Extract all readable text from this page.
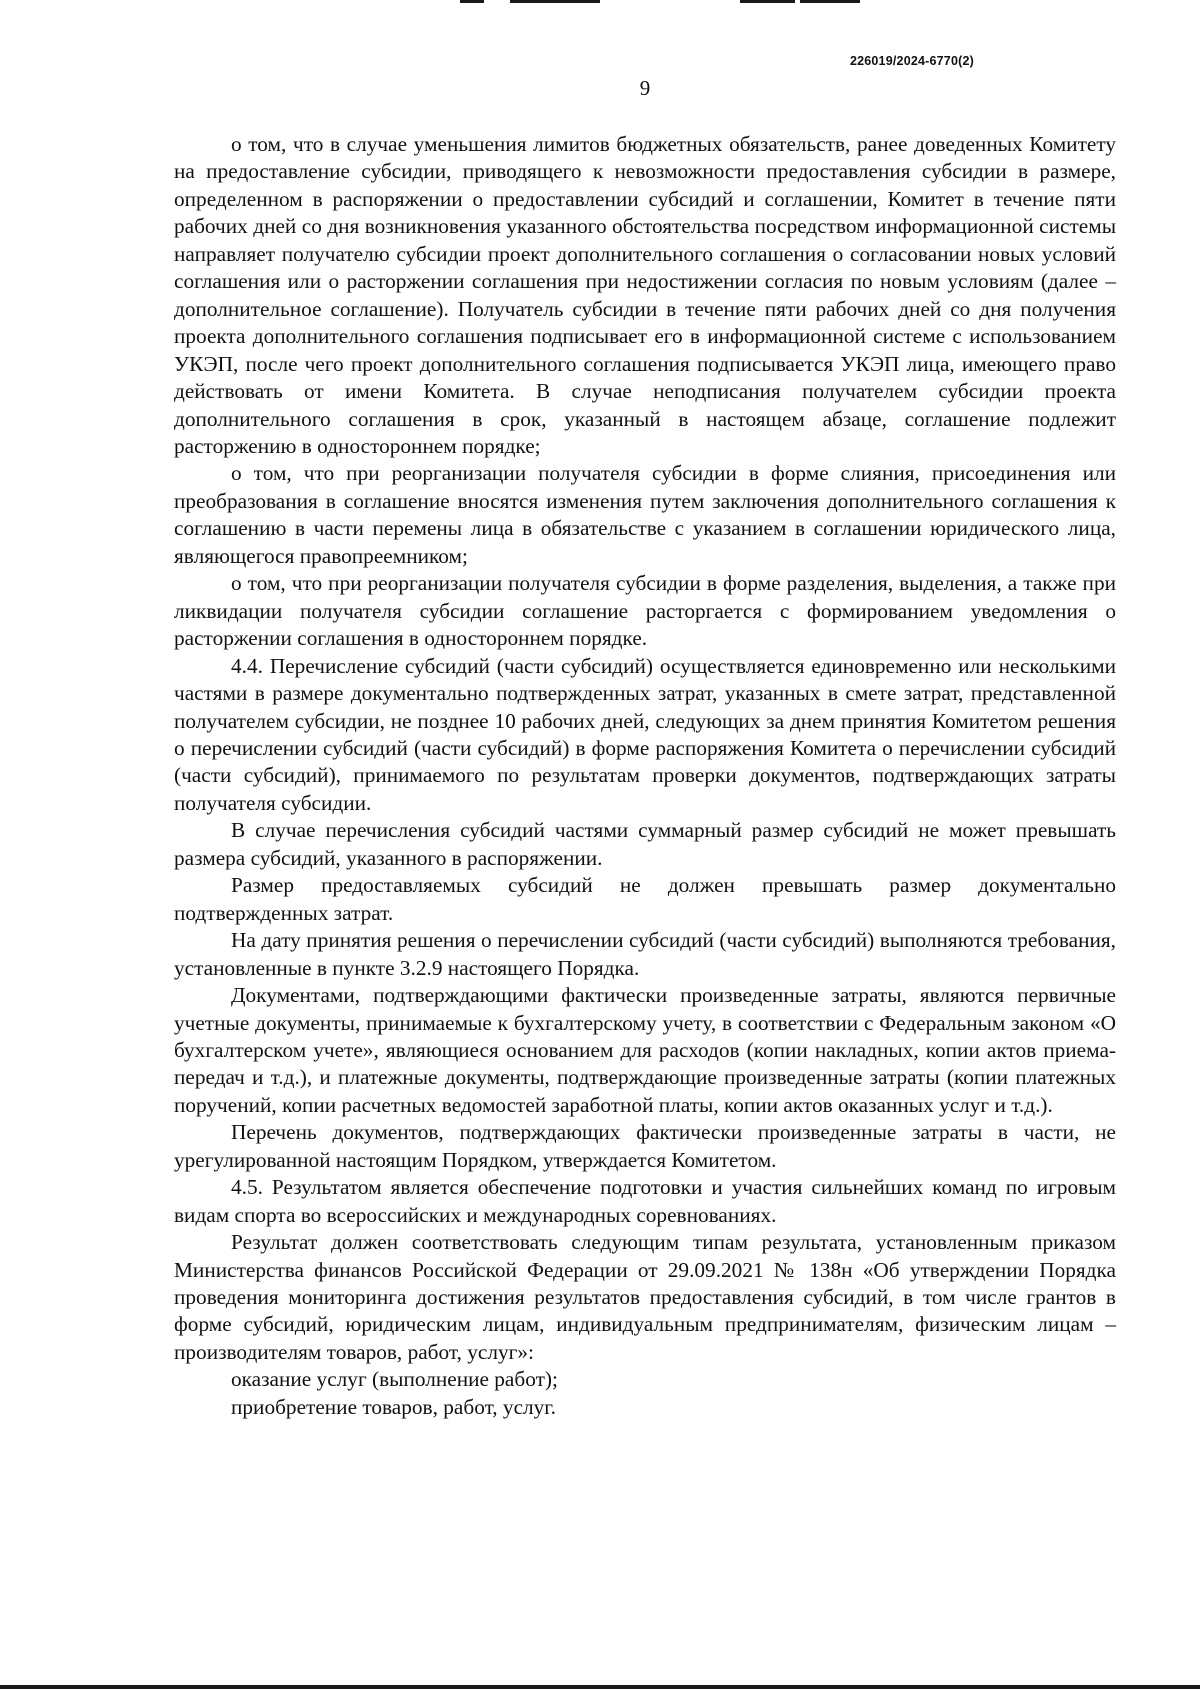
226019/2024-6770(2)
9

о том, что в случае уменьшения лимитов бюджетных обязательств, ранее доведенных Комитету на предоставление субсидии, приводящего к невозможности предоставления субсидии в размере, определенном в распоряжении о предоставлении субсидий и соглашении, Комитет в течение пяти рабочих дней со дня возникновения указанного обстоятельства посредством информационной системы направляет получателю субсидии проект дополнительного соглашения о согласовании новых условий соглашения или о расторжении соглашения при недостижении согласия по новым условиям (далее – дополнительное соглашение). Получатель субсидии в течение пяти рабочих дней со дня получения проекта дополнительного соглашения подписывает его в информационной системе с использованием УКЭП, после чего проект дополнительного соглашения подписывается УКЭП лица, имеющего право действовать от имени Комитета. В случае неподписания получателем субсидии проекта дополнительного соглашения в срок, указанный в настоящем абзаце, соглашение подлежит расторжению в одностороннем порядке;

о том, что при реорганизации получателя субсидии в форме слияния, присоединения или преобразования в соглашение вносятся изменения путем заключения дополнительного соглашения к соглашению в части перемены лица в обязательстве с указанием в соглашении юридического лица, являющегося правопреемником;

о том, что при реорганизации получателя субсидии в форме разделения, выделения, а также при ликвидации получателя субсидии соглашение расторгается с формированием уведомления о расторжении соглашения в одностороннем порядке.

4.4. Перечисление субсидий (части субсидий) осуществляется единовременно или несколькими частями в размере документально подтвержденных затрат, указанных в смете затрат, представленной получателем субсидии, не позднее 10 рабочих дней, следующих за днем принятия Комитетом решения о перечислении субсидий (части субсидий) в форме распоряжения Комитета о перечислении субсидий (части субсидий), принимаемого по результатам проверки документов, подтверждающих затраты получателя субсидии.

В случае перечисления субсидий частями суммарный размер субсидий не может превышать размера субсидий, указанного в распоряжении.

Размер предоставляемых субсидий не должен превышать размер документально подтвержденных затрат.

На дату принятия решения о перечислении субсидий (части субсидий) выполняются требования, установленные в пункте 3.2.9 настоящего Порядка.

Документами, подтверждающими фактически произведенные затраты, являются первичные учетные документы, принимаемые к бухгалтерскому учету, в соответствии с Федеральным законом «О бухгалтерском учете», являющиеся основанием для расходов (копии накладных, копии актов приема-передач и т.д.), и платежные документы, подтверждающие произведенные затраты (копии платежных поручений, копии расчетных ведомостей заработной платы, копии актов оказанных услуг и т.д.).

Перечень документов, подтверждающих фактически произведенные затраты в части, не урегулированной настоящим Порядком, утверждается Комитетом.

4.5. Результатом является обеспечение подготовки и участия сильнейших команд по игровым видам спорта во всероссийских и международных соревнованиях.

Результат должен соответствовать следующим типам результата, установленным приказом Министерства финансов Российской Федерации от 29.09.2021 № 138н «Об утверждении Порядка проведения мониторинга достижения результатов предоставления субсидий, в том числе грантов в форме субсидий, юридическим лицам, индивидуальным предпринимателям, физическим лицам – производителям товаров, работ, услуг»:

оказание услуг (выполнение работ);

приобретение товаров, работ, услуг.
